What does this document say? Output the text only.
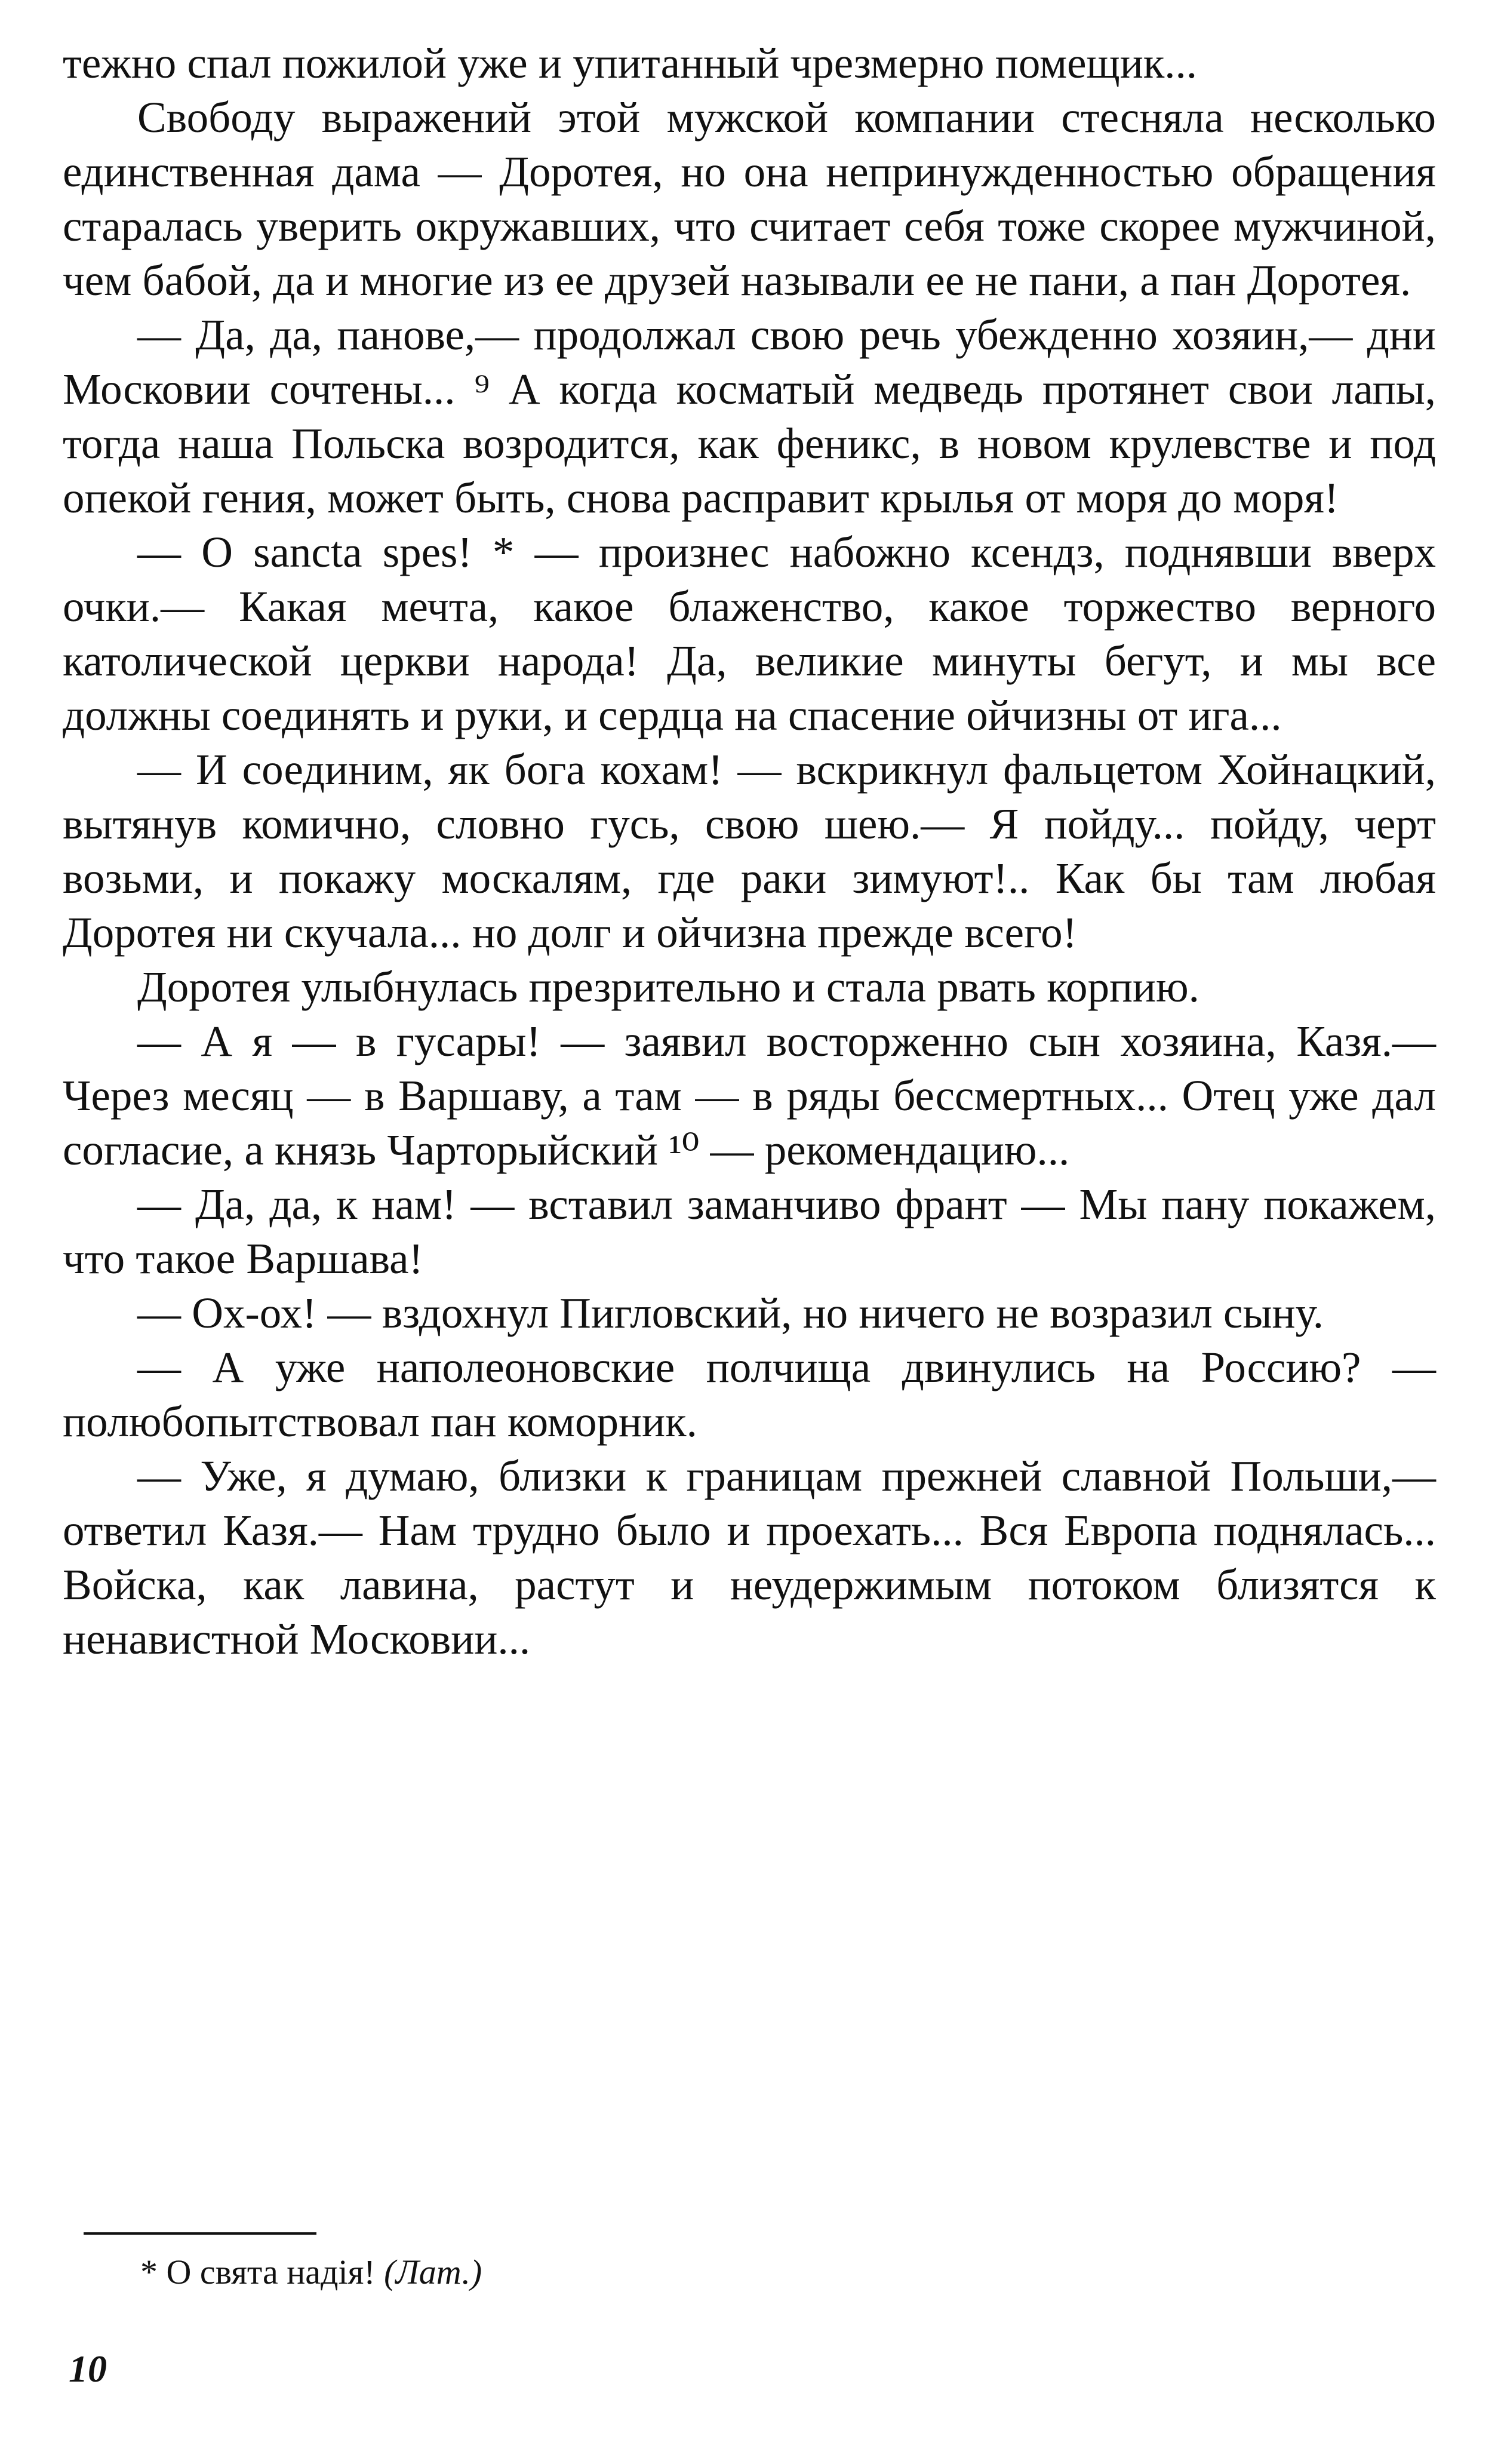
тежно спал пожилой уже и упитанный чрезмерно помещик...

Свободу выражений этой мужской компании стесняла несколько единственная дама — Доротея, но она непринужденностью обращения старалась уверить окружавших, что считает себя тоже скорее мужчиной, чем бабой, да и многие из ее друзей называли ее не пани, а пан Доротея.

— Да, да, панове,— продолжал свою речь убежденно хозяин,— дни Московии сочтены... ⁹ А когда косматый медведь протянет свои лапы, тогда наша Польска возродится, как феникс, в новом крулевстве и под опекой гения, может быть, снова расправит крылья от моря до моря!

— О sancta spes! * — произнес набожно ксендз, поднявши вверх очки.— Какая мечта, какое блаженство, какое торжество верного католической церкви народа! Да, великие минуты бегут, и мы все должны соединять и руки, и сердца на спасение ойчизны от ига...

— И соединим, як бога кохам! — вскрикнул фальцетом Хойнацкий, вытянув комично, словно гусь, свою шею.— Я пойду... пойду, черт возьми, и покажу москалям, где раки зимуют!.. Как бы там любая Доротея ни скучала... но долг и ойчизна прежде всего!

Доротея улыбнулась презрительно и стала рвать корпию.

— А я — в гусары! — заявил восторженно сын хозяина, Казя.— Через месяц — в Варшаву, а там — в ряды бессмертных... Отец уже дал согласие, а князь Чарторыйский ¹⁰ — рекомендацию...

— Да, да, к нам! — вставил заманчиво франт — Мы пану покажем, что такое Варшава!

— Ох-ох! — вздохнул Пигловский, но ничего не возразил сыну.

— А уже наполеоновские полчища двинулись на Россию? — полюбопытствовал пан коморник.

— Уже, я думаю, близки к границам прежней славной Польши,— ответил Казя.— Нам трудно было и проехать... Вся Европа поднялась... Войска, как лавина, растут и неудержимым потоком близятся к ненавистной Московии...

* О свята надія! (Лат.)

10
